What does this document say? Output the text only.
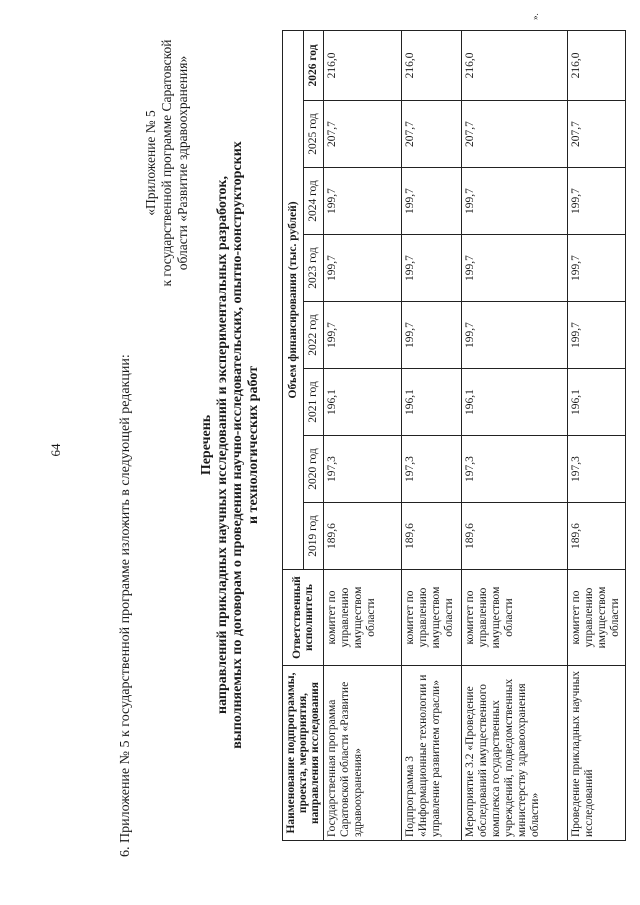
64	6. Приложение № 5 к государственной программе изложить в следующей редакции:
«Приложение № 5 к государственной программе Саратовской области «Развитие здравоохранения»
Перечень направлений прикладных научных исследований и экспериментальных разработок, выполняемых по договорам о проведении научно-исследовательских, опытно-конструкторских и технологических работ
Наименование подпрограммы, проекта, мероприятия, направления исследования	Ответственный исполнитель	Объем финансирования (тыс. рублей)							
		2019 год	2020 год	2021 год	2022 год	2023 год	2024 год	2025 год	2026 год
Государственная программа Саратовской области «Развитие здравоохранения»	комитет по управлению имуществом области	189,6	197,3	196,1	199,7	199,7	199,7	207,7	216,0
Подпрограмма 3 «Информационные технологии и управление развитием отрасли»	комитет по управлению имуществом области	189,6	197,3	196,1	199,7	199,7	199,7	207,7	216,0
Мероприятие 3.2 «Проведение обследований имущественного комплекса государственных учреждений, подведомственных министерству здравоохранения области»	комитет по управлению имуществом области	189,6	197,3	196,1	199,7	199,7	199,7	207,7	216,0
Проведение прикладных научных исследований	комитет по управлению имуществом области	189,6	197,3	196,1	199,7	199,7	199,7	207,7	216,0
».
